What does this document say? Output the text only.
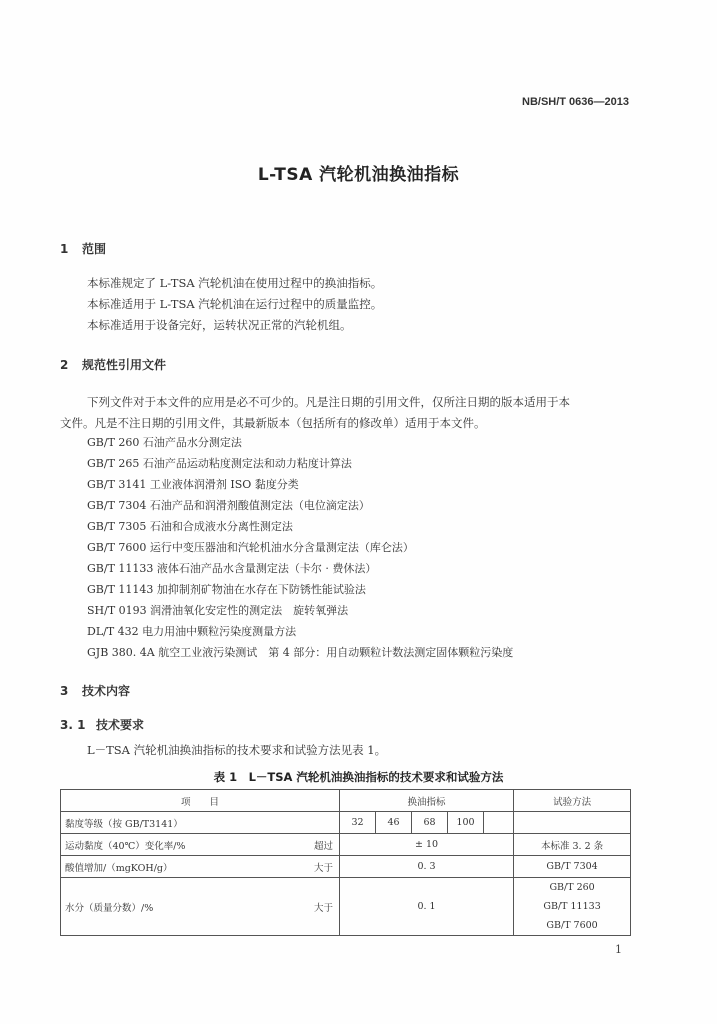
NB/SH/T 0636—2013
L-TSA 汽轮机油换油指标
1 范围
本标准规定了 L-TSA 汽轮机油在使用过程中的换油指标。
本标准适用于 L-TSA 汽轮机油在运行过程中的质量监控。
本标准适用于设备完好，运转状况正常的汽轮机组。
2 规范性引用文件
下列文件对于本文件的应用是必不可少的。凡是注日期的引用文件，仅所注日期的版本适用于本
文件。凡是不注日期的引用文件，其最新版本（包括所有的修改单）适用于本文件。
GB/T 260 石油产品水分测定法
GB/T 265 石油产品运动粘度测定法和动力粘度计算法
GB/T 3141 工业液体润滑剂 ISO 黏度分类
GB/T 7304 石油产品和润滑剂酸值测定法（电位滴定法）
GB/T 7305 石油和合成液水分离性测定法
GB/T 7600 运行中变压器油和汽轮机油水分含量测定法（库仑法）
GB/T 11133 液体石油产品水含量测定法（卡尔 · 费休法）
GB/T 11143 加抑制剂矿物油在水存在下防锈性能试验法
SH/T 0193 润滑油氧化安定性的测定法　旋转氧弹法
DL/T 432 电力用油中颗粒污染度测量方法
GJB 380. 4A 航空工业液污染测试　第 4 部分：用自动颗粒计数法测定固体颗粒污染度
3 技术内容
3. 1 技术要求
L－TSA 汽轮机油换油指标的技术要求和试验方法见表 1。
表 1　L－TSA 汽轮机油换油指标的技术要求和试验方法
项　　目		换油指标					试验方法
黏度等级（按 GB/T3141）		32	46	68	100		
运动黏度（40℃）变化率/%	超过	± 10					本标准 3. 2 条
酸值增加/（mgKOH/g）	大于	0. 3					GB/T 7304
水分（质量分数）/%	大于	0. 1					GB/T 260
GB/T 11133
GB/T 7600
1
